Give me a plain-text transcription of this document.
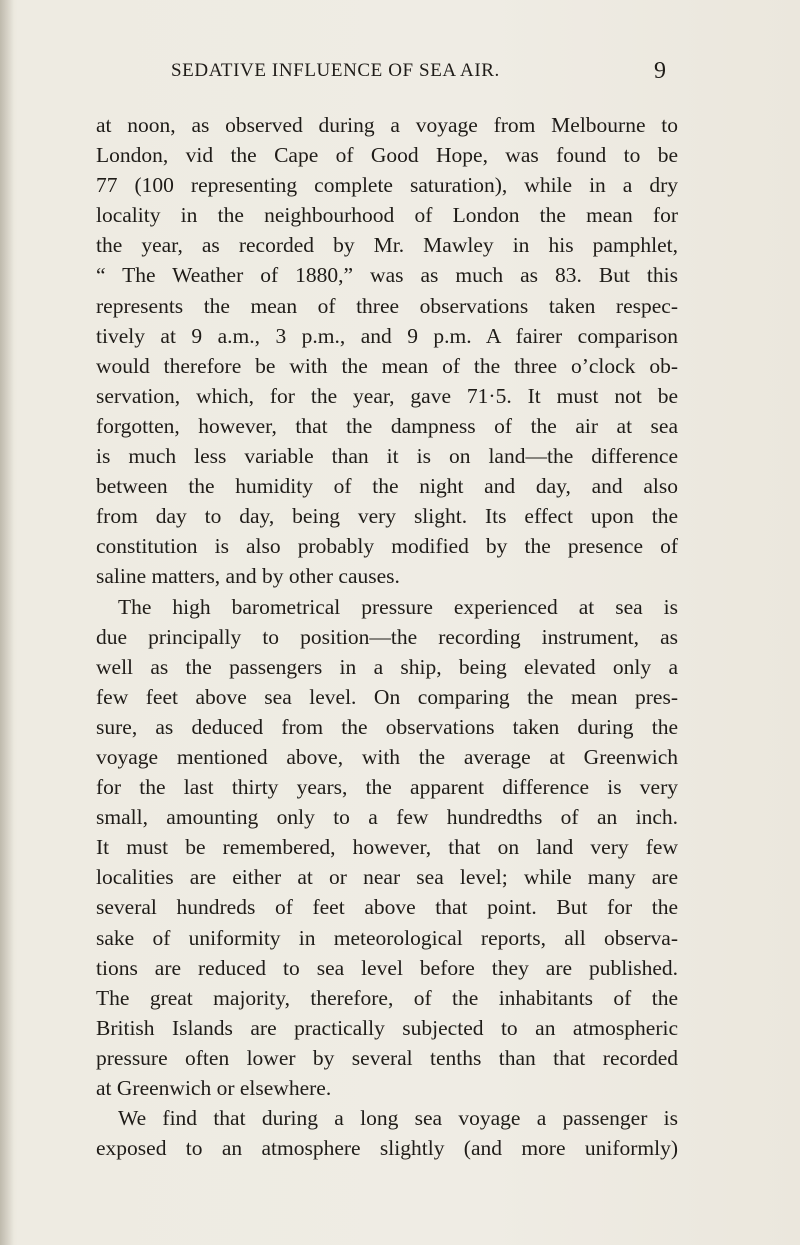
SEDATIVE INFLUENCE OF SEA AIR.	9
at noon, as observed during a voyage from Melbourne to
London, vid the Cape of Good Hope, was found to be
77 (100 representing complete saturation), while in a dry
locality in the neighbourhood of London the mean for
the year, as recorded by Mr. Mawley in his pamphlet,
“ The Weather of 1880,” was as much as 83. But this
represents the mean of three observations taken respec-
tively at 9 a.m., 3 p.m., and 9 p.m. A fairer comparison
would therefore be with the mean of the three o’clock ob-
servation, which, for the year, gave 71·5. It must not be
forgotten, however, that the dampness of the air at sea
is much less variable than it is on land—the difference
between the humidity of the night and day, and also
from day to day, being very slight. Its effect upon the
constitution is also probably modified by the presence of
saline matters, and by other causes.
The high barometrical pressure experienced at sea is
due principally to position—the recording instrument, as
well as the passengers in a ship, being elevated only a
few feet above sea level. On comparing the mean pres-
sure, as deduced from the observations taken during the
voyage mentioned above, with the average at Greenwich
for the last thirty years, the apparent difference is very
small, amounting only to a few hundredths of an inch.
It must be remembered, however, that on land very few
localities are either at or near sea level; while many are
several hundreds of feet above that point. But for the
sake of uniformity in meteorological reports, all observa-
tions are reduced to sea level before they are published.
The great majority, therefore, of the inhabitants of the
British Islands are practically subjected to an atmospheric
pressure often lower by several tenths than that recorded
at Greenwich or elsewhere.
We find that during a long sea voyage a passenger is
exposed to an atmosphere slightly (and more uniformly)
